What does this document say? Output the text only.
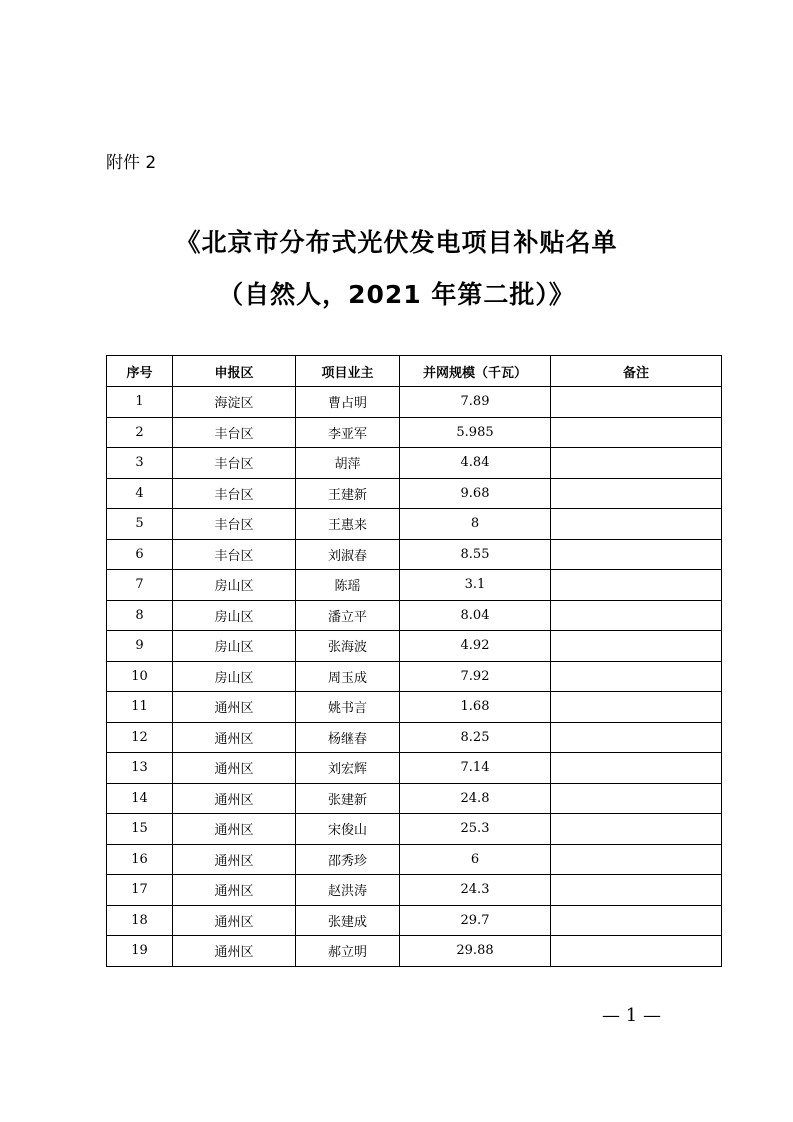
附件 2
《北京市分布式光伏发电项目补贴名单
（自然人，2021 年第二批）》
序号	申报区	项目业主	并网规模（千瓦）	备注
1	海淀区	曹占明	7.89	
2	丰台区	李亚军	5.985	
3	丰台区	胡萍	4.84	
4	丰台区	王建新	9.68	
5	丰台区	王惠来	8	
6	丰台区	刘淑春	8.55	
7	房山区	陈瑶	3.1	
8	房山区	潘立平	8.04	
9	房山区	张海波	4.92	
10	房山区	周玉成	7.92	
11	通州区	姚书言	1.68	
12	通州区	杨继春	8.25	
13	通州区	刘宏辉	7.14	
14	通州区	张建新	24.8	
15	通州区	宋俊山	25.3	
16	通州区	邵秀珍	6	
17	通州区	赵洪涛	24.3	
18	通州区	张建成	29.7	
19	通州区	郝立明	29.88	
— 1 —
